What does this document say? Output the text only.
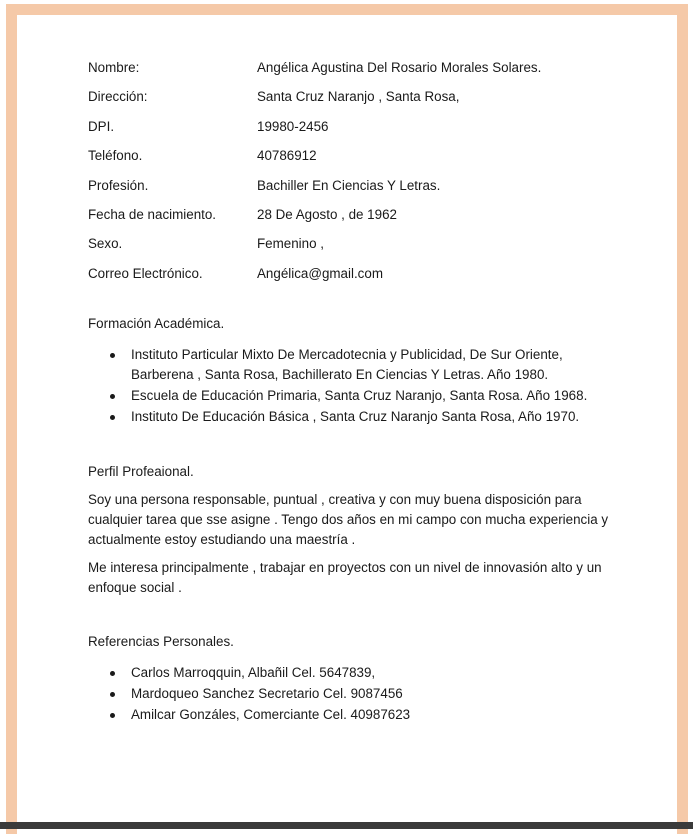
Nombre:	Angélica Agustina Del Rosario Morales Solares.
Dirección:	Santa Cruz Naranjo , Santa Rosa,
DPI.	19980-2456
Teléfono.	40786912
Profesión.	Bachiller En Ciencias Y Letras.
Fecha de nacimiento.	28 De Agosto , de 1962
Sexo.	Femenino ,
Correo Electrónico.	Angélica@gmail.com
Formación Académica.
Instituto Particular Mixto De Mercadotecnia y Publicidad, De Sur Oriente, Barberena , Santa Rosa, Bachillerato En Ciencias Y Letras. Año 1980.
Escuela de Educación Primaria, Santa Cruz Naranjo, Santa Rosa. Año 1968.
Instituto De Educación Básica , Santa Cruz Naranjo Santa Rosa, Año 1970.
Perfil Profeaional.

Soy una persona responsable, puntual , creativa y con muy buena disposición para cualquier tarea que sse asigne . Tengo dos años en mi campo con mucha experiencia y actualmente estoy estudiando una maestría .

Me interesa principalmente , trabajar en proyectos con un nivel de innovasión alto y un enfoque social .

Referencias Personales.
Carlos Marroqquin, Albañil Cel. 5647839,
Mardoqueo Sanchez Secretario Cel. 9087456
Amilcar Gonzáles, Comerciante Cel. 40987623
